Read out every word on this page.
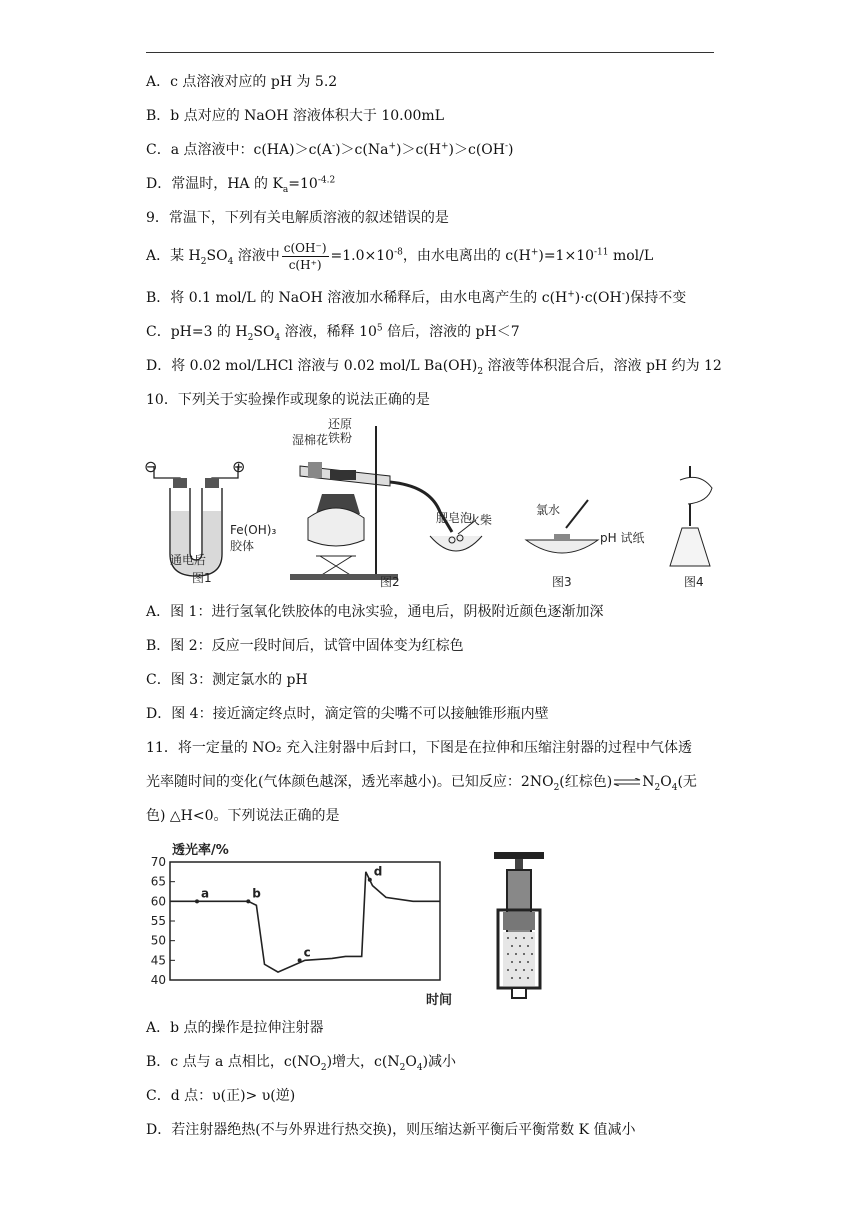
A．c 点溶液对应的 pH 为 5.2
B．b 点对应的 NaOH 溶液体积大于 10.00mL
C．a 点溶液中：c(HA)＞c(A-)＞c(Na+)＞c(H+)＞c(OH-)
D．常温时，HA 的 $K_a=10^{-4.2}$
9．常温下，下列有关电解质溶液的叙述错误的是
A．某 $H_2SO_4$ 溶液中 $\frac{c(OH^-)}{c(H^+)} =1.0\times 10^{-8}$，由水电离出的 $c(H^+)=1\times 10^{-11}$ mol/L
B．将 0.1 mol/L 的 NaOH 溶液加水稀释后，由水电离产生的 c(H+)·c(OH-)保持不变
C．pH=3 的 $H_2SO_4$ 溶液，稀释 $10^5$ 倍后，溶液的 pH＜7
D．将 0.02 mol/LHCl 溶液与 0.02 mol/L $Ba(OH)_2$ 溶液等体积混合后，溶液 pH 约为 12
10．下列关于实验操作或现象的说法正确的是
⊖	⊕
Fe(OH)₃
胶体
通电后
图1
湿棉花
还原
铁粉
肥皂泡
火柴
图2
氯水
pH 试纸
图3	图4
A．图 1：进行氢氧化铁胶体的电泳实验，通电后，阴极附近颜色逐渐加深
B．图 2：反应一段时间后，试管中固体变为红棕色
C．图 3：测定氯水的 pH
D．图 4：接近滴定终点时，滴定管的尖嘴不可以接触锥形瓶内壁
11．将一定量的 NO₂ 充入注射器中后封口，下图是在拉伸和压缩注射器的过程中气体透
光率随时间的变化(气体颜色越深，透光率越小)。已知反应：$2NO_2$(红棕色)$\rightleftharpoons N_2O_4$(无
色) △H<0。下列说法正确的是
透光率/%
时间
40
45
50
55
60
65
70
a	b
c
d
A．b 点的操作是拉伸注射器
B．c 点与 a 点相比，$c(NO_2)$增大，$c(N_2O_4)$减小
C．d 点：υ(正)> υ(逆)
D．若注射器绝热(不与外界进行热交换)，则压缩达新平衡后平衡常数 K 值减小
